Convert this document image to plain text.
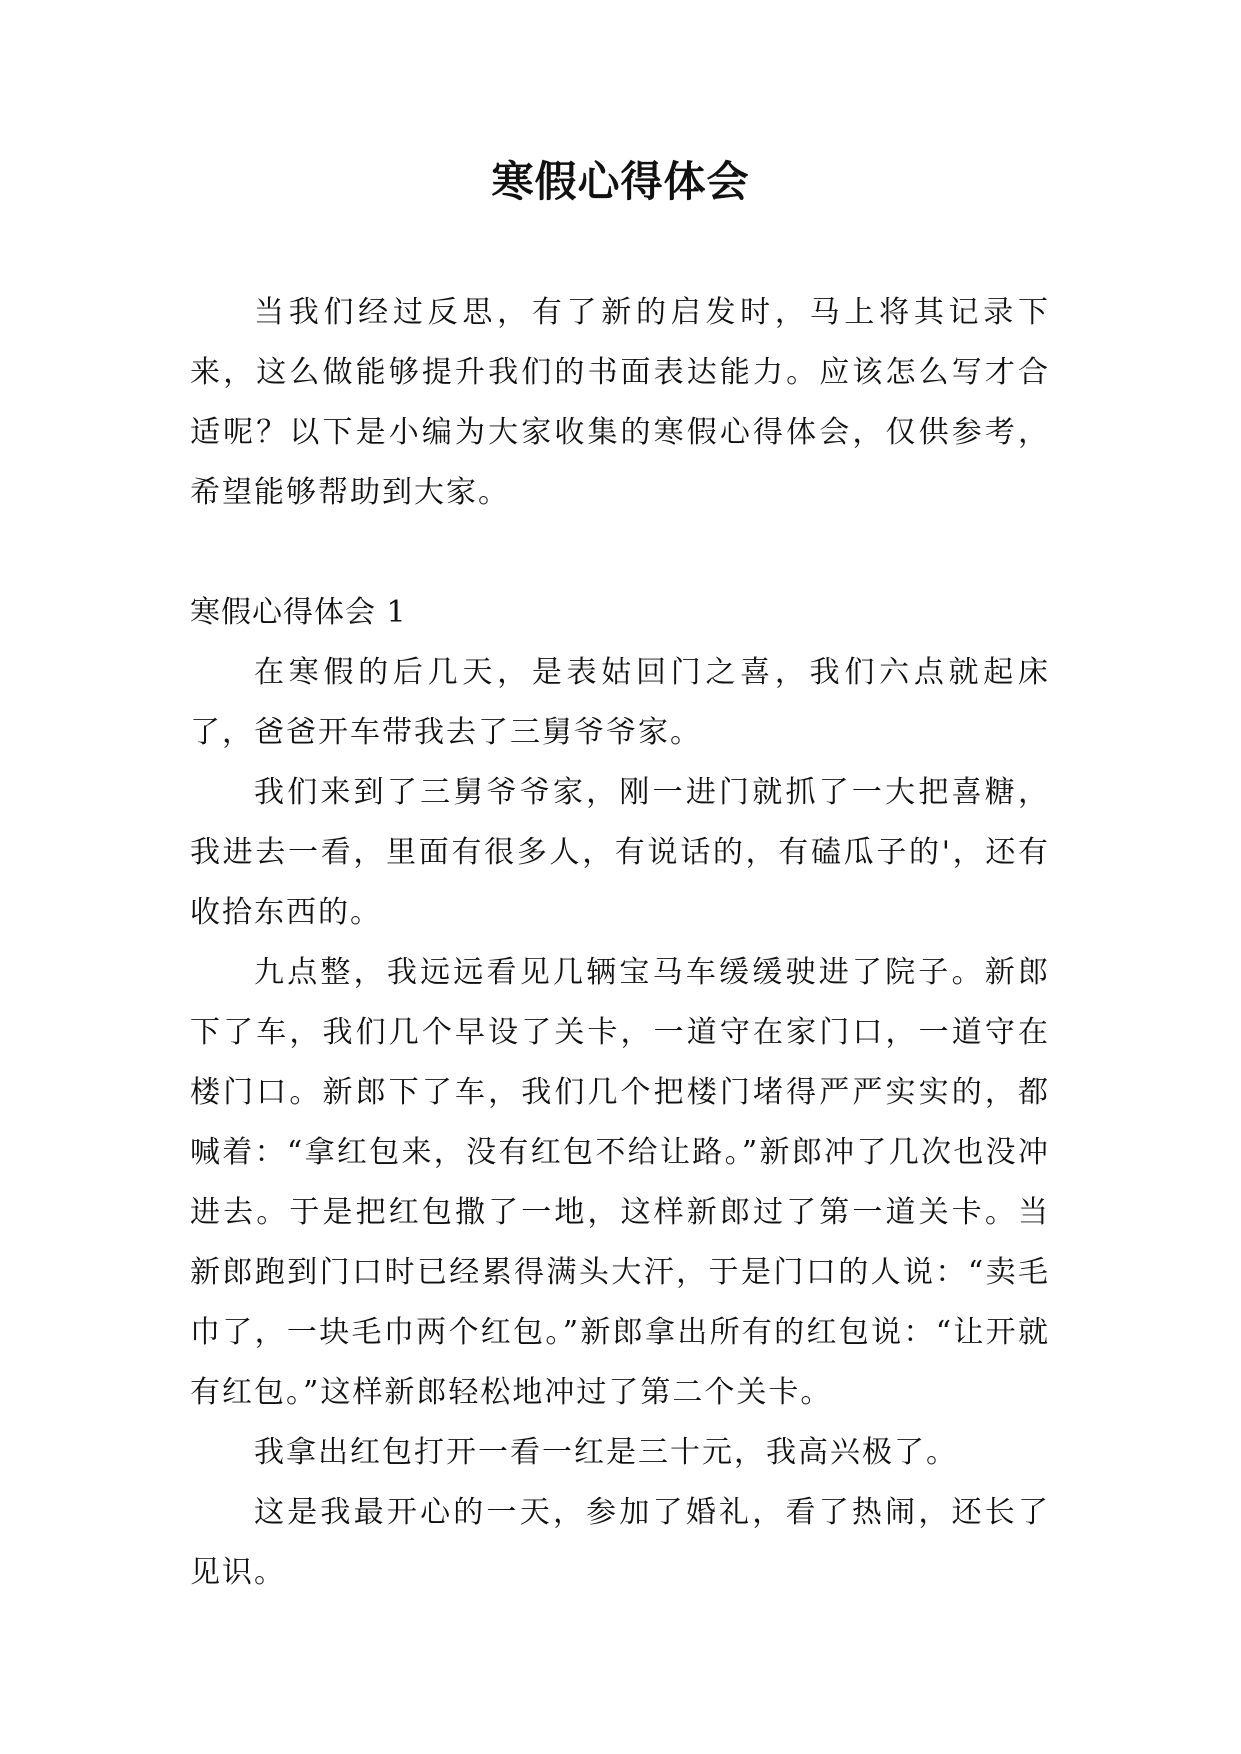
寒假心得体会

当我们经过反思，有了新的启发时，马上将其记录下来，这么做能够提升我们的书面表达能力。应该怎么写才合适呢？以下是小编为大家收集的寒假心得体会，仅供参考，希望能够帮助到大家。

寒假心得体会 1

在寒假的后几天，是表姑回门之喜，我们六点就起床了，爸爸开车带我去了三舅爷爷家。

我们来到了三舅爷爷家，刚一进门就抓了一大把喜糖，我进去一看，里面有很多人，有说话的，有磕瓜子的'，还有收拾东西的。

九点整，我远远看见几辆宝马车缓缓驶进了院子。新郎下了车，我们几个早设了关卡，一道守在家门口，一道守在楼门口。新郎下了车，我们几个把楼门堵得严严实实的，都喊着：“拿红包来，没有红包不给让路。”新郎冲了几次也没冲进去。于是把红包撒了一地，这样新郎过了第一道关卡。当新郎跑到门口时已经累得满头大汗，于是门口的人说：“卖毛巾了，一块毛巾两个红包。”新郎拿出所有的红包说：“让开就有红包。”这样新郎轻松地冲过了第二个关卡。

我拿出红包打开一看一红是三十元，我高兴极了。

这是我最开心的一天，参加了婚礼，看了热闹，还长了见识。
